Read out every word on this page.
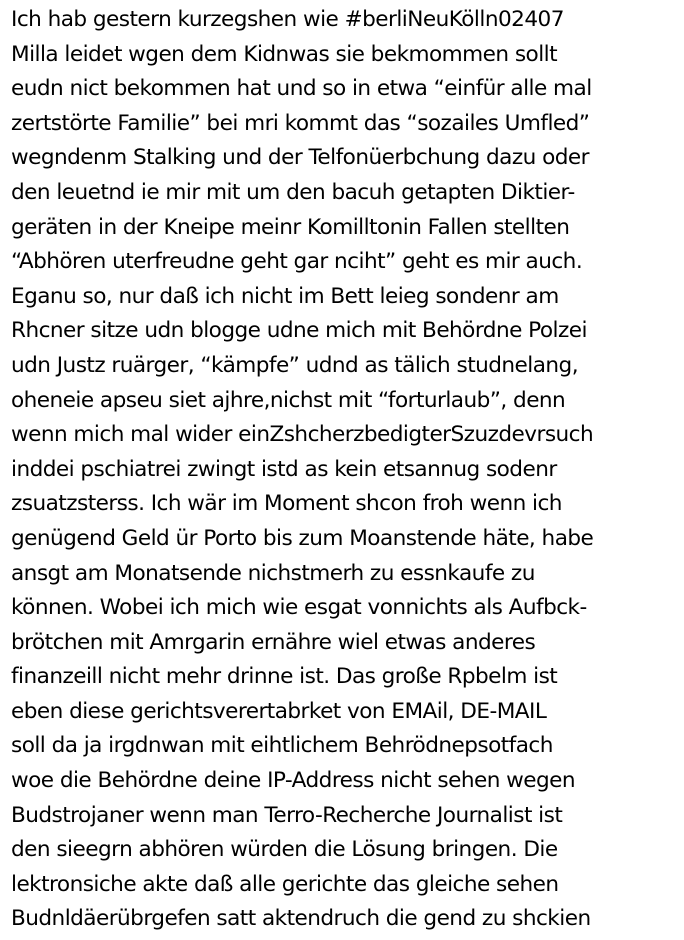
Ich hab gestern kurzegshen wie #berliNeuKölln02407
Milla leidet wgen dem Kidnwas sie bekmommen sollt
eudn nict bekommen hat und so in etwa “einfür alle mal
zertstörte Familie” bei mri kommt das “sozailes Umfled”
wegndenm Stalking und der Telfonüerbchung dazu oder
den leuetnd ie mir mit um den bacuh getapten Diktier-
geräten in der Kneipe meinr Komilltonin Fallen stellten
“Abhören uterfreudne geht gar nciht” geht es mir auch.
Eganu so, nur daß ich nicht im Bett leieg sondenr am
Rhcner sitze udn blogge udne mich mit Behördne Polzei
udn Justz ruärger, “kämpfe” udnd as tälich studnelang,
oheneie apseu siet ajhre,nichst mit “forturlaub”, denn
wenn mich mal wider einZshcherzbedigterSzuzdevrsuch
inddei pschiatrei zwingt istd as kein etsannug sodenr
zsuatzsterss. Ich wär im Moment shcon froh wenn ich
genügend Geld ür Porto bis zum Moanstende häte, habe
ansgt am Monatsende nichstmerh zu essnkaufe zu
können. Wobei ich mich wie esgat vonnichts als Aufbck-
brötchen mit Amrgarin ernähre wiel etwas anderes
finanzeill nicht mehr drinne ist. Das große Rpbelm ist
eben diese gerichtsverertabrket von EMAil, DE-MAIL
soll da ja irgdnwan mit eihtlichem Behrödnepsotfach
woe die Behördne deine IP-Address nicht sehen wegen
Budstrojaner wenn man Terro-Recherche Journalist ist
den sieegrn abhören würden die Lösung bringen. Die
lektronsiche akte daß alle gerichte das gleiche sehen
Budnldäerübrgefen satt aktendruch die gend zu shckien
